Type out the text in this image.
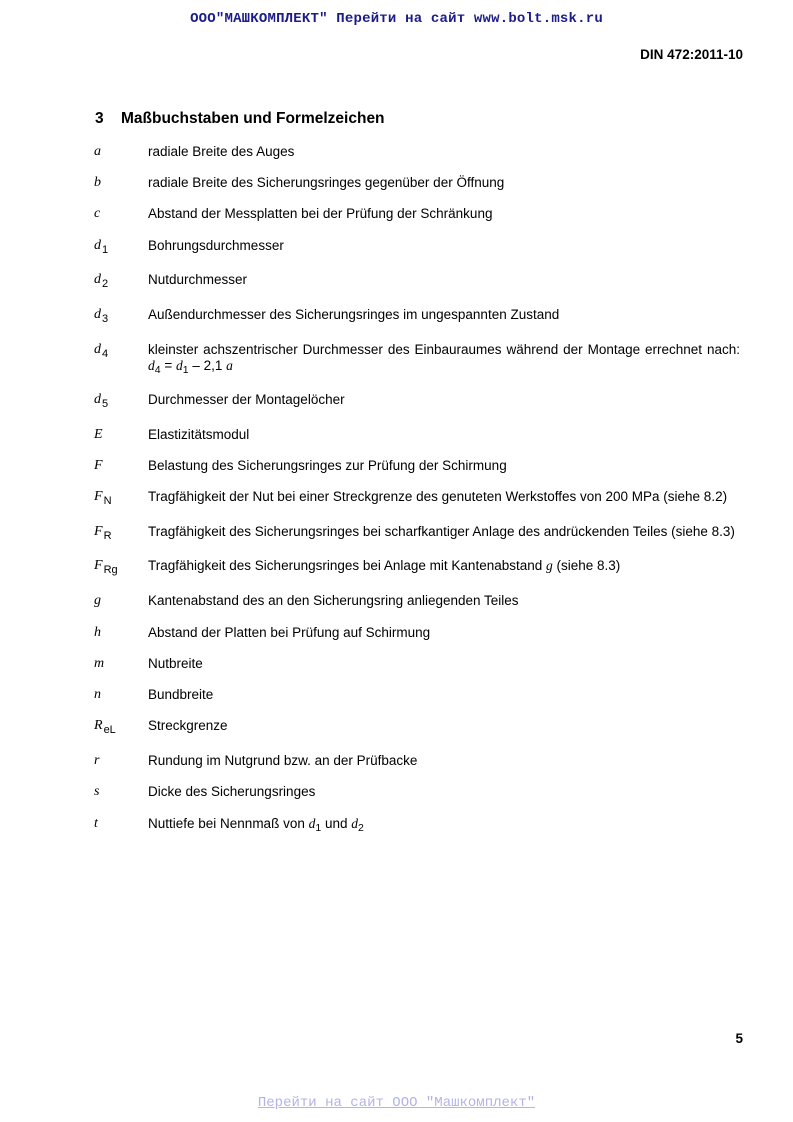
ООО"МАШКОМПЛЕКТ" Перейти на сайт www.bolt.msk.ru
DIN 472:2011-10
3 Maßbuchstaben und Formelzeichen
a	radiale Breite des Auges
b	radiale Breite des Sicherungsringes gegenüber der Öffnung
c	Abstand der Messplatten bei der Prüfung der Schränkung
$d_1$	Bohrungsdurchmesser
$d_2$	Nutdurchmesser
$d_3$	Außendurchmesser des Sicherungsringes im ungespannten Zustand
$d_4$	kleinster achszentrischer Durchmesser des Einbauraumes während der Montage errechnet nach:
$d_4 = d_1 - 2,1$ a
$d_5$	Durchmesser der Montagelöcher
E	Elastizitätsmodul
F	Belastung des Sicherungsringes zur Prüfung der Schirmung
$F_N$	Tragfähigkeit der Nut bei einer Streckgrenze des genuteten Werkstoffes von 200 MPa (siehe 8.2)
$F_R$	Tragfähigkeit des Sicherungsringes bei scharfkantiger Anlage des andrückenden Teiles (siehe 8.3)
$F_{Rg}$ Tragfähigkeit des Sicherungsringes bei Anlage mit Kantenabstand g (siehe 8.3)
g	Kantenabstand des an den Sicherungsring anliegenden Teiles
h	Abstand der Platten bei Prüfung auf Schirmung
m	Nutbreite
n	Bundbreite
$R_{eL}$ Streckgrenze
r	Rundung im Nutgrund bzw. an der Prüfbacke
s	Dicke des Sicherungsringes
t	Nuttiefe bei Nennmaß von $d_1$ und $d_2$
5
Перейти на сайт ООО "Машкомплект"
